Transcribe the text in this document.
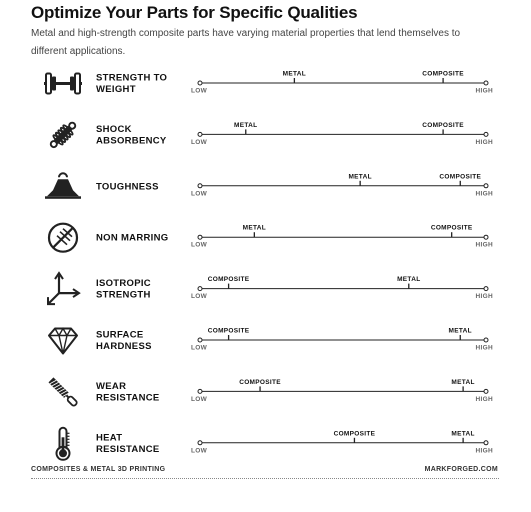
Optimize Your Parts for Specific Qualities
Metal and high-strength composite parts have varying material properties that lend themselves to different applications.
STRENGTH TO
WEIGHT	LOW	HIGH
METAL	COMPOSITE
SHOCK
ABSORBENCY	LOW	HIGH
METAL	COMPOSITE
TOUGHNESS
LOW	HIGH
METAL	COMPOSITE
NON MARRING
LOW	HIGH
METAL	COMPOSITE
ISOTROPIC
STRENGTH	LOW	HIGH
METAL
COMPOSITE
SURFACE
HARDNESS	LOW	HIGH
METAL
COMPOSITE
WEAR
RESISTANCE	LOW	HIGH
METAL
COMPOSITE
HEAT
RESISTANCE	LOW	HIGH
METAL
COMPOSITE
COMPOSITES & METAL 3D PRINTING	MARKFORGED.COM
